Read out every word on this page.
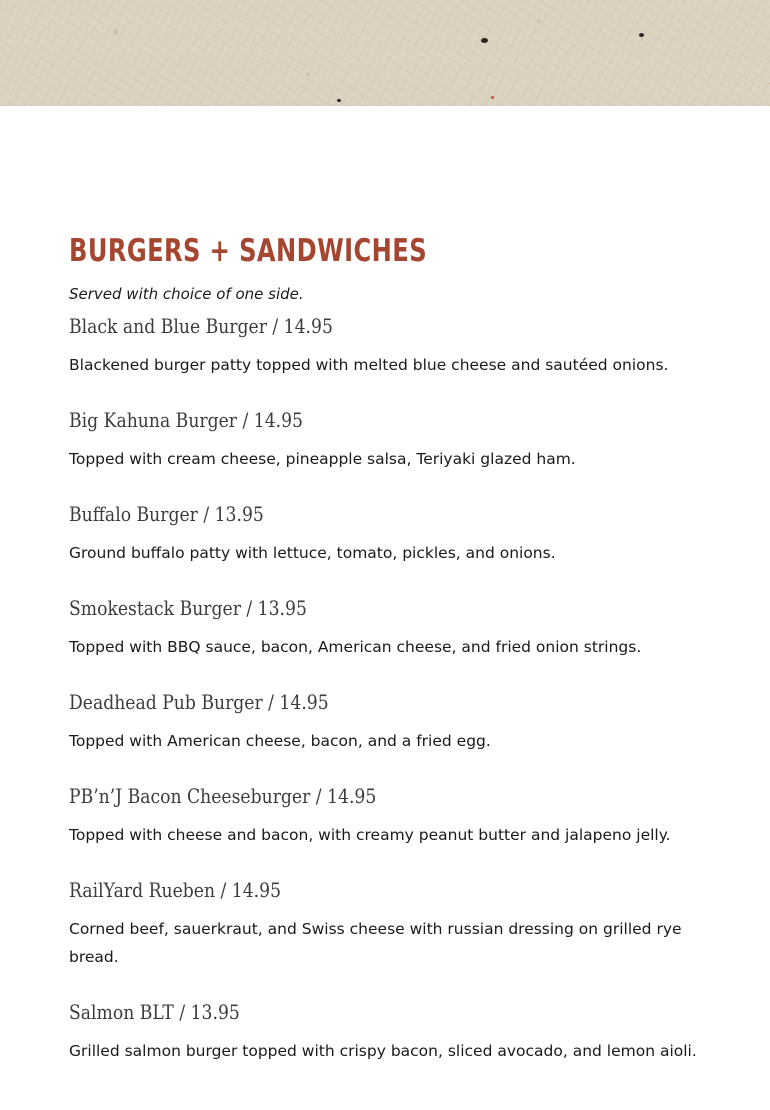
BURGERS + SANDWICHES

Served with choice of one side.

Black and Blue Burger / 14.95
Blackened burger patty topped with melted blue cheese and sautéed onions.
Big Kahuna Burger / 14.95
Topped with cream cheese, pineapple salsa, Teriyaki glazed ham.
Buffalo Burger / 13.95
Ground buffalo patty with lettuce, tomato, pickles, and onions.
Smokestack Burger / 13.95
Topped with BBQ sauce, bacon, American cheese, and fried onion strings.
Deadhead Pub Burger / 14.95
Topped with American cheese, bacon, and a fried egg.
PB’n’J Bacon Cheeseburger / 14.95
Topped with cheese and bacon, with creamy peanut butter and jalapeno jelly.
RailYard Rueben / 14.95
Corned beef, sauerkraut, and Swiss cheese with russian dressing on grilled rye bread.
Salmon BLT / 13.95
Grilled salmon burger topped with crispy bacon, sliced avocado, and lemon aioli.
